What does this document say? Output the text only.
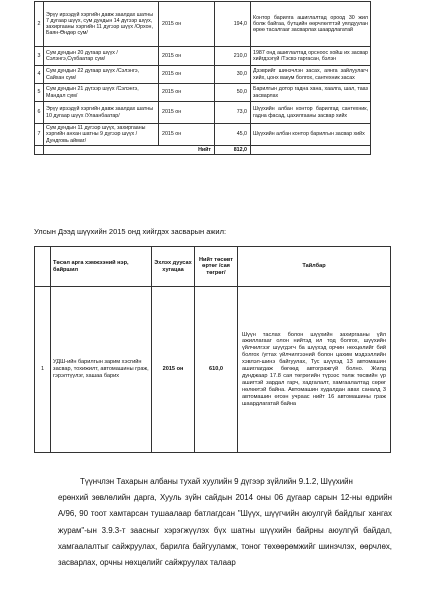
2	Эрүү ирээдүй хэргийн давж заалдах шатны 7 дугаар шүүх, сум дундын 14 дүгээр шүүх, захиргааны хэргийн 11 дүгээр шүүх /Орхон, Баян-Өндөр сум/	2015 он	194,0	Контор барилга ашиглалтад ороод 30 жил болж байгаа, бүтцийн өөрчлөлттэй уялдуулан өрөө тасалгааг засварлах шаардлагатай
3	Сум дундын 20 дугаар шүүх /Сэлэнгэ,Сүхбаатар сум/	2015 он	210,0	1987 онд ашиглалтад орсноос хойш их засвар хийгдээгүй /Тэсвэ гаргасан, бэлэн
4	Сум дундын 22 дугаар шүүх /Сэлэнгэ, Сайхан сум/	2015 он	30,0	Дээврийг шинэчлэн засах, аянга зайлуулагч хийх, цонх вакум болгох, сантехник засах
5	Сум дундын 21 дүгээр шүүх /Сэлэнгэ, Мандал сум/	2015 он	50,0	Барилгын дотор гадна хана, хаалга, шал, тааз засварлах
6	Эрүү ирээдүй хэргийн давж заалдах шатны 10 дугаар шүүх /Улаанбаатар/	2015 он	73,0	Шүүхийн албан контор барилгад сантехник, гадна фасад, цахилгааны засвар хийх
7	Сум дундын 11 дүгээр шүүх, захиргааны хэргийн анхан шатны 9 дүгээр шүүх /Дундговь аймаг/	2015 он	45,0	Шүүхийн албан контор барилгын засвар хийх
	Нийт		812,0	
Улсын Дээд шүүхийн 2015 онд хийгдэх засварын ажил:
	Төсөл арга хэмжээний нэр, байршил	Эхлэх дуусах хугацаа	Нийт төсөвт өртөг /сая төгрөг/	Тайлбар
1	УДШ-ийн барилгын зарим хэсгийн засвар, тохижилт, автомашины граж, гэрэлтүүлэг, хашаа барих	2015 он	610,0	Шүүн таслах болон шүүхийн захиргааны үйл ажиллагааг олон нийтэд ил тод болгох, шүүхийн үйлчилгээг шүүгдэгч ба шүүхэд орчин нөхцөлийг бий болгох /угтах үйлчилгээний болон цахим мэдээллийн хэвлэл-шинэ байгуулах, Тус шүүхэд 13 автомашин ашиглагдаж бөгөөд автогражгүй болно. Жилд дунджаар 17.8 сая төгрөгийн түрээс төлж төсвийн үр ашигтэй зардал гарч, хадгалалт, хамгаалалтад сөрөг нөлөөтэй байна. Автомашин худалдан авах саналд 3 автомашин өгсөн учраас нийт 16 автомашины граж шаардлагатай байна
Түүнчлэн Тахарын албаны тухай хуулийн 9 дүгээр зүйлийн 9.1.2, Шүүхийн
ерөнхий зөвлөлийн дарга, Хууль зүйн сайдын 2014 оны 06 дугаар сарын 12-ны өдрийн А/96, 90 тоот хамтарсан тушаалаар батлагдсан "Шүүх, шүүгчийн аюулгүй байдлыг хангах журам"-ын 3.9.3-т заасныг хэрэгжүүлэх бүх шатны шүүхийн байрны аюулгүй байдал, хамгаалалтыг сайжруулах, барилга байгууламж, тоног төхөөрөмжийг шинэчлэх, өөрчлөх, засварлах, орчны нөхцөлийг сайжруулах талаар
